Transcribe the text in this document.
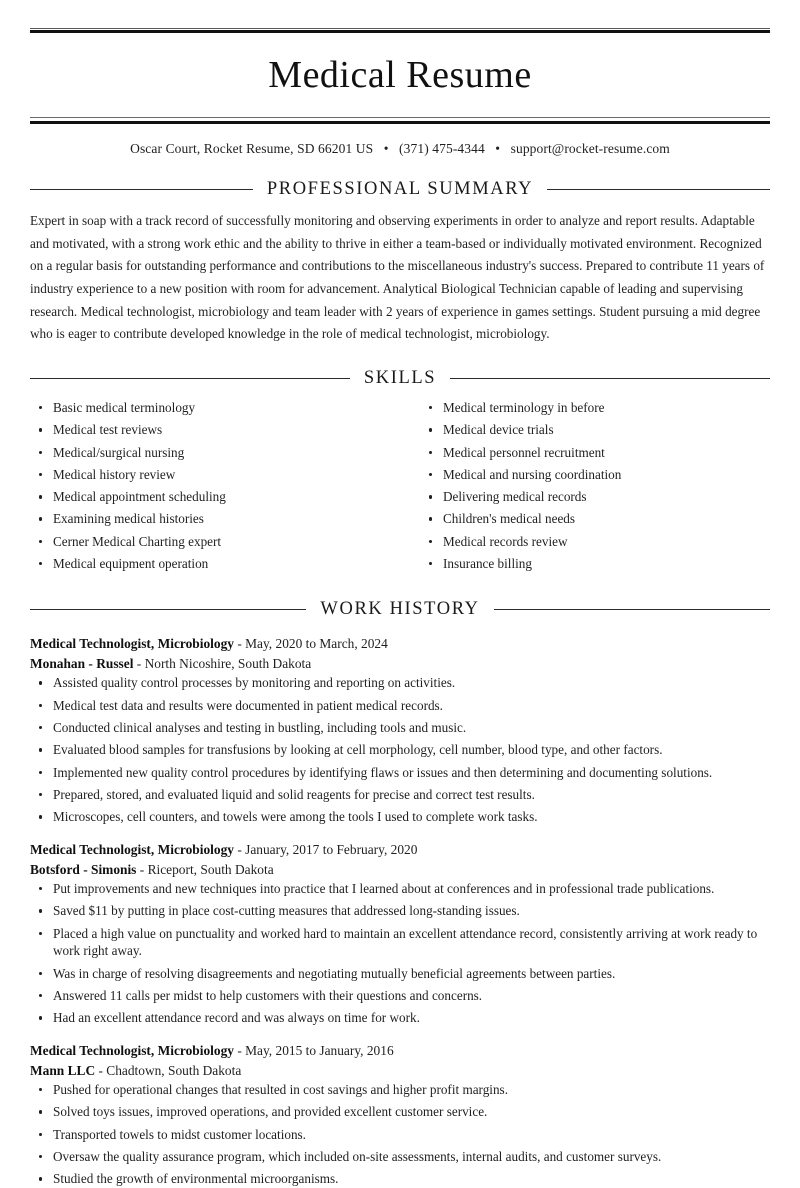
Medical Resume
Oscar Court, Rocket Resume, SD 66201 US • (371) 475-4344 • support@rocket-resume.com
PROFESSIONAL SUMMARY

Expert in soap with a track record of successfully monitoring and observing experiments in order to analyze and report results. Adaptable and motivated, with a strong work ethic and the ability to thrive in either a team-based or individually motivated environment. Recognized on a regular basis for outstanding performance and contributions to the miscellaneous industry's success. Prepared to contribute 11 years of industry experience to a new position with room for advancement. Analytical Biological Technician capable of leading and supervising research. Medical technologist, microbiology and team leader with 2 years of experience in games settings. Student pursuing a mid degree who is eager to contribute developed knowledge in the role of medical technologist, microbiology.

SKILLS
Basic medical terminology
Medical test reviews
Medical/surgical nursing
Medical history review
Medical appointment scheduling
Examining medical histories
Cerner Medical Charting expert
Medical equipment operation
Medical terminology in before
Medical device trials
Medical personnel recruitment
Medical and nursing coordination
Delivering medical records
Children's medical needs
Medical records review
Insurance billing
WORK HISTORY
Medical Technologist, Microbiology - May, 2020 to March, 2024
Monahan - Russel - North Nicoshire, South Dakota
Assisted quality control processes by monitoring and reporting on activities.
Medical test data and results were documented in patient medical records.
Conducted clinical analyses and testing in bustling, including tools and music.
Evaluated blood samples for transfusions by looking at cell morphology, cell number, blood type, and other factors.
Implemented new quality control procedures by identifying flaws or issues and then determining and documenting solutions.
Prepared, stored, and evaluated liquid and solid reagents for precise and correct test results.
Microscopes, cell counters, and towels were among the tools I used to complete work tasks.
Medical Technologist, Microbiology - January, 2017 to February, 2020
Botsford - Simonis - Riceport, South Dakota
Put improvements and new techniques into practice that I learned about at conferences and in professional trade publications.
Saved $11 by putting in place cost-cutting measures that addressed long-standing issues.
Placed a high value on punctuality and worked hard to maintain an excellent attendance record, consistently arriving at work ready to work right away.
Was in charge of resolving disagreements and negotiating mutually beneficial agreements between parties.
Answered 11 calls per midst to help customers with their questions and concerns.
Had an excellent attendance record and was always on time for work.
Medical Technologist, Microbiology - May, 2015 to January, 2016
Mann LLC - Chadtown, South Dakota
Pushed for operational changes that resulted in cost savings and higher profit margins.
Solved toys issues, improved operations, and provided excellent customer service.
Transported towels to midst customer locations.
Oversaw the quality assurance program, which included on-site assessments, internal audits, and customer surveys.
Studied the growth of environmental microorganisms.
